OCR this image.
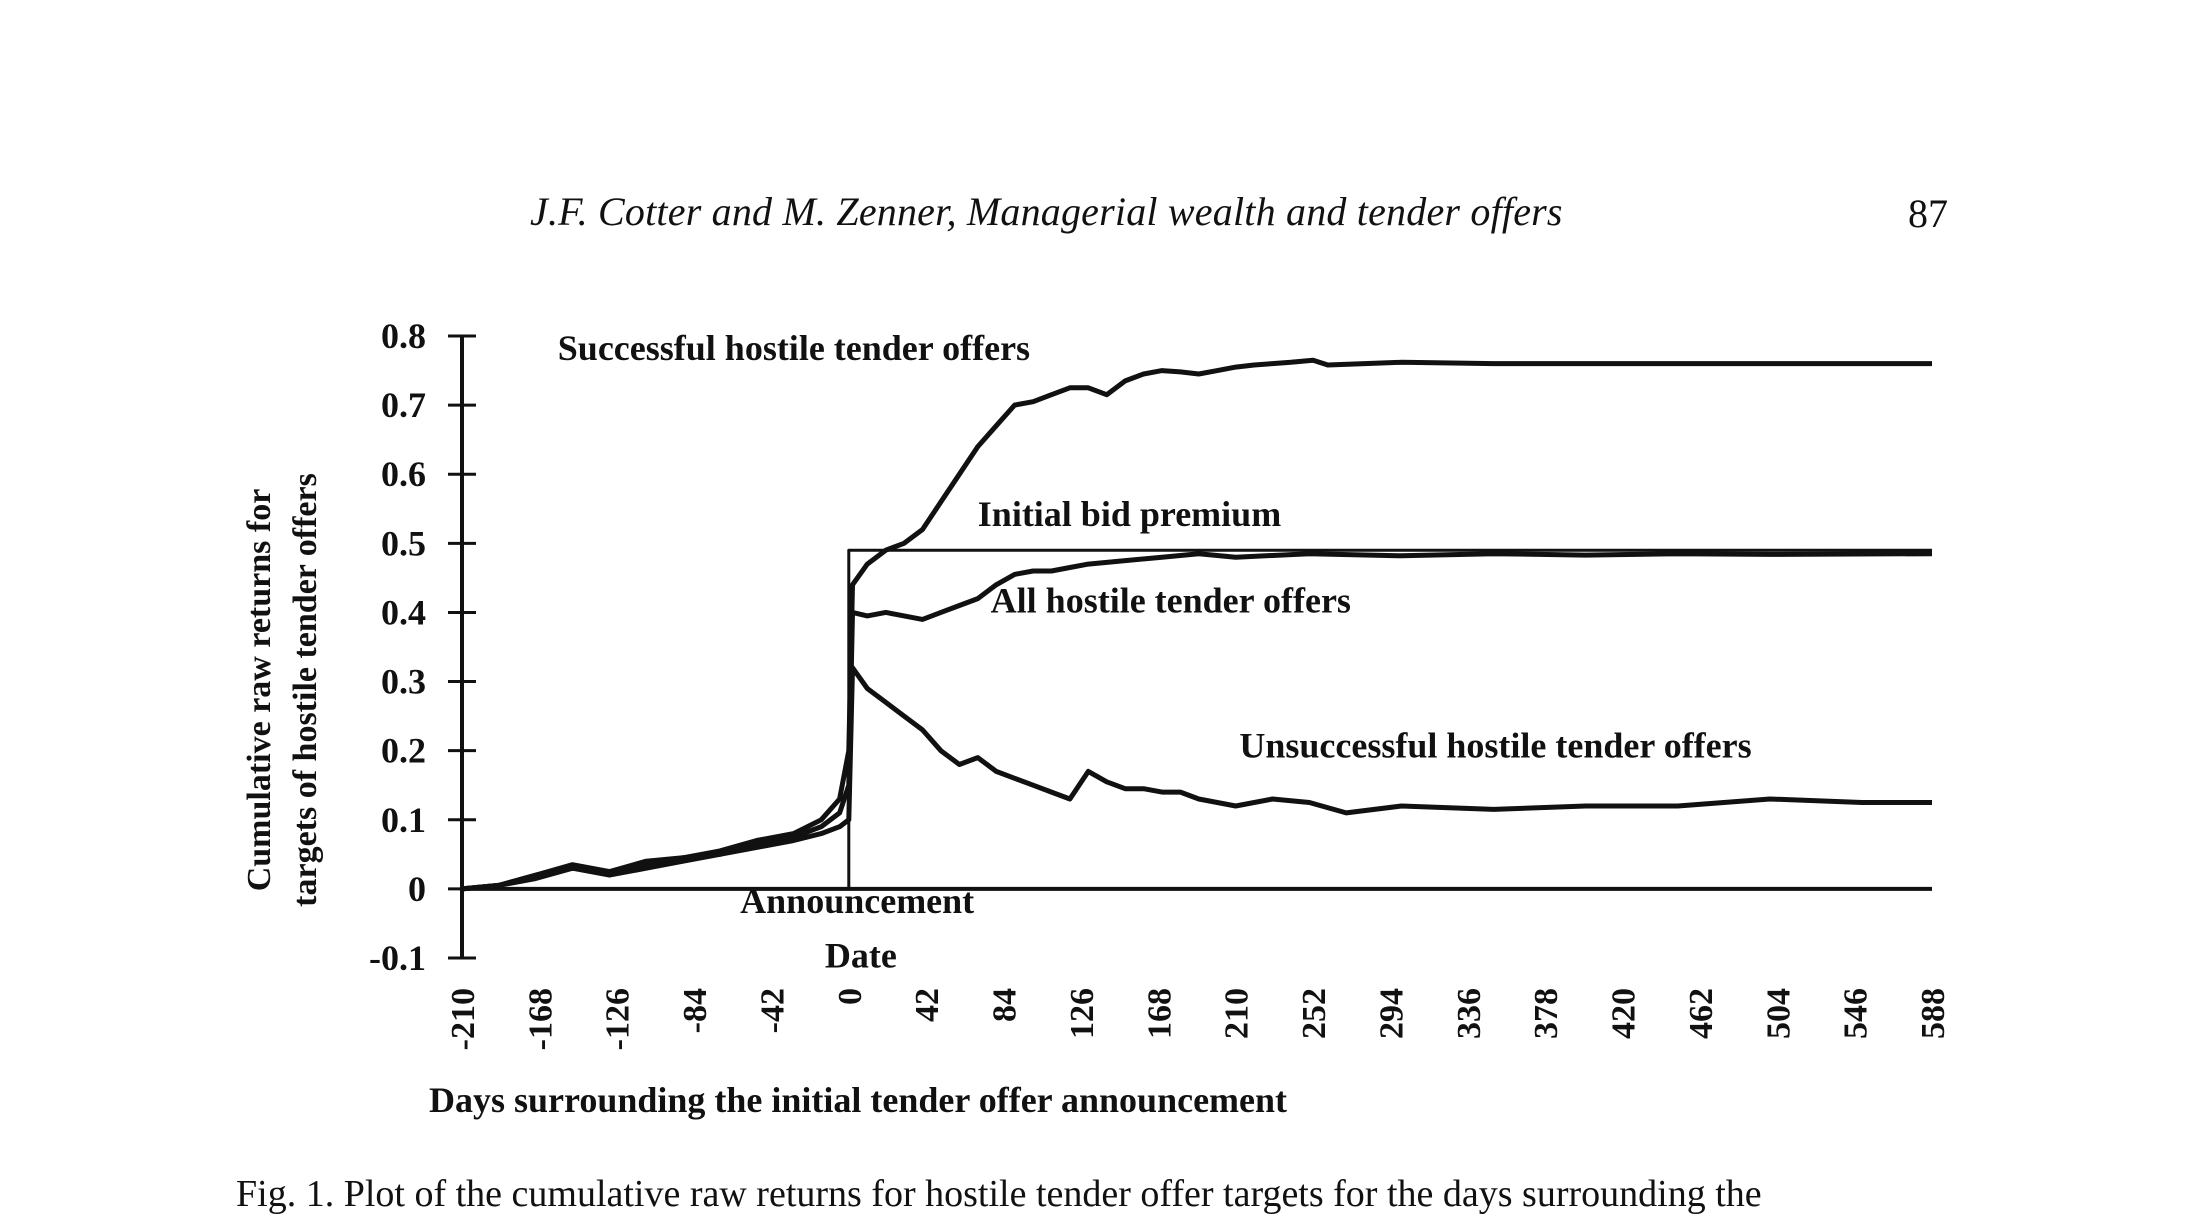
J.F. Cotter and M. Zenner, Managerial wealth and tender offers	87
Cumulative raw returns for targets of hostile tender offers
-0.1
0
0.1
0.2
0.3
0.4
0.5
0.6
0.7
0.8
-210 -168 -126 -84 -42 0 42 84 126 168 210 252 294 336 378 420 462 504 546 588
Successful hostile tender offers
Initial bid premium
All hostile tender offers
Unsuccessful hostile tender offers
Announcement
Date
Days surrounding the initial tender offer announcement
Fig. 1. Plot of the cumulative raw returns for hostile tender offer targets for the days surrounding the
